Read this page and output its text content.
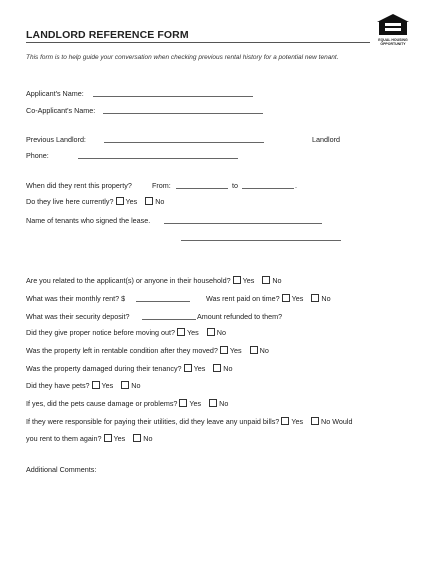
LANDLORD REFERENCE FORM	EQUAL HOUSING
OPPORTUNITY
This form is to help guide your conversation when checking previous rental history for a potential new tenant.
Applicant's Name:
Co-Applicant's Name:
Previous Landlord:	Landlord
Phone:
When did they rent this property?	From:	to	.
Do they live here currently? Yes	No
Name of tenants who signed the lease.
Are you related to the applicant(s) or anyone in their household? Yes	No
What was their monthly rent? $	Was rent paid on time? Yes	No
What was their security deposit?	Amount refunded to them?
Did they give proper notice before moving out? Yes	No
Was the property left in rentable condition after they moved? Yes	No
Was the property damaged during their tenancy? Yes	No
Did they have pets? Yes	No
If yes, did the pets cause damage or problems? Yes	No
If they were responsible for paying their utilities, did they leave any unpaid bills? Yes	No Would
you rent to them again? Yes	No
Additional Comments:
